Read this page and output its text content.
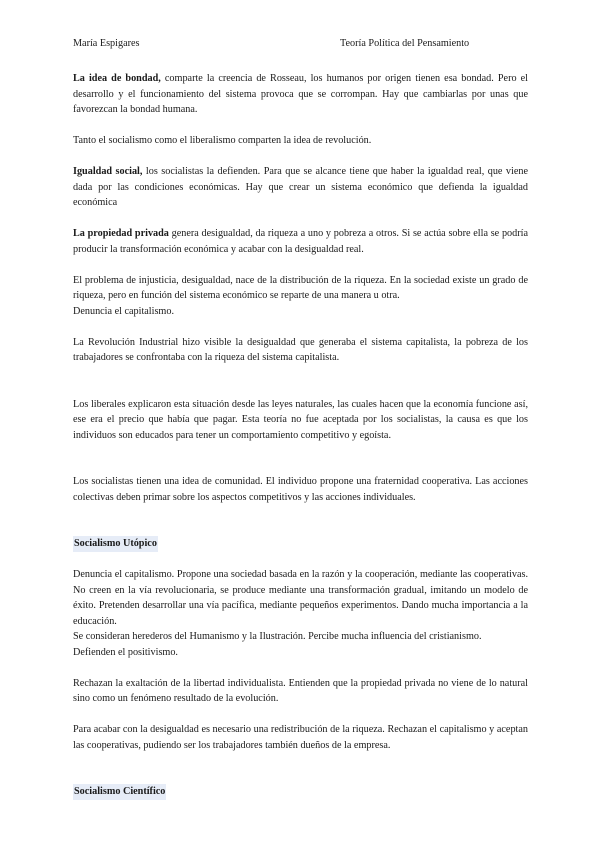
María Espigares	Teoría Política del Pensamiento

La idea de bondad, comparte la creencia de Rosseau, los humanos por origen tienen esa bondad. Pero el desarrollo y el funcionamiento del sistema provoca que se corrompan. Hay que cambiarlas por unas que favorezcan la bondad humana.

Tanto el socialismo como el liberalismo comparten la idea de revolución.

Igualdad social, los socialistas la defienden. Para que se alcance tiene que haber la igualdad real, que viene dada por las condiciones económicas. Hay que crear un sistema económico que defienda la igualdad económica

La propiedad privada genera desigualdad, da riqueza a uno y pobreza a otros. Si se actúa sobre ella se podría producir la transformación económica y acabar con la desigualdad real.

El problema de injusticia, desigualdad, nace de la distribución de la riqueza. En la sociedad existe un grado de riqueza, pero en función del sistema económico se reparte de una manera u otra.
Denuncia el capitalismo.

La Revolución Industrial hizo visible la desigualdad que generaba el sistema capitalista, la pobreza de los trabajadores se confrontaba con la riqueza del sistema capitalista.

Los liberales explicaron esta situación desde las leyes naturales, las cuales hacen que la economía funcione así, ese era el precio que había que pagar. Esta teoría no fue aceptada por los socialistas, la causa es que los individuos son educados para tener un comportamiento competitivo y egoísta.

Los socialistas tienen una idea de comunidad. El individuo propone una fraternidad cooperativa. Las acciones colectivas deben primar sobre los aspectos competitivos y las acciones individuales.

Socialismo Utópico

Denuncia el capitalismo. Propone una sociedad basada en la razón y la cooperación, mediante las cooperativas. No creen en la vía revolucionaria, se produce mediante una transformación gradual, imitando un modelo de éxito. Pretenden desarrollar una vía pacífica, mediante pequeños experimentos. Dando mucha importancia a la educación.
Se consideran herederos del Humanismo y la Ilustración. Percibe mucha influencia del cristianismo.
Defienden el positivismo.

Rechazan la exaltación de la libertad individualista. Entienden que la propiedad privada no viene de lo natural sino como un fenómeno resultado de la evolución.

Para acabar con la desigualdad es necesario una redistribución de la riqueza. Rechazan el capitalismo y aceptan las cooperativas, pudiendo ser los trabajadores también dueños de la empresa.

Socialismo Científico
